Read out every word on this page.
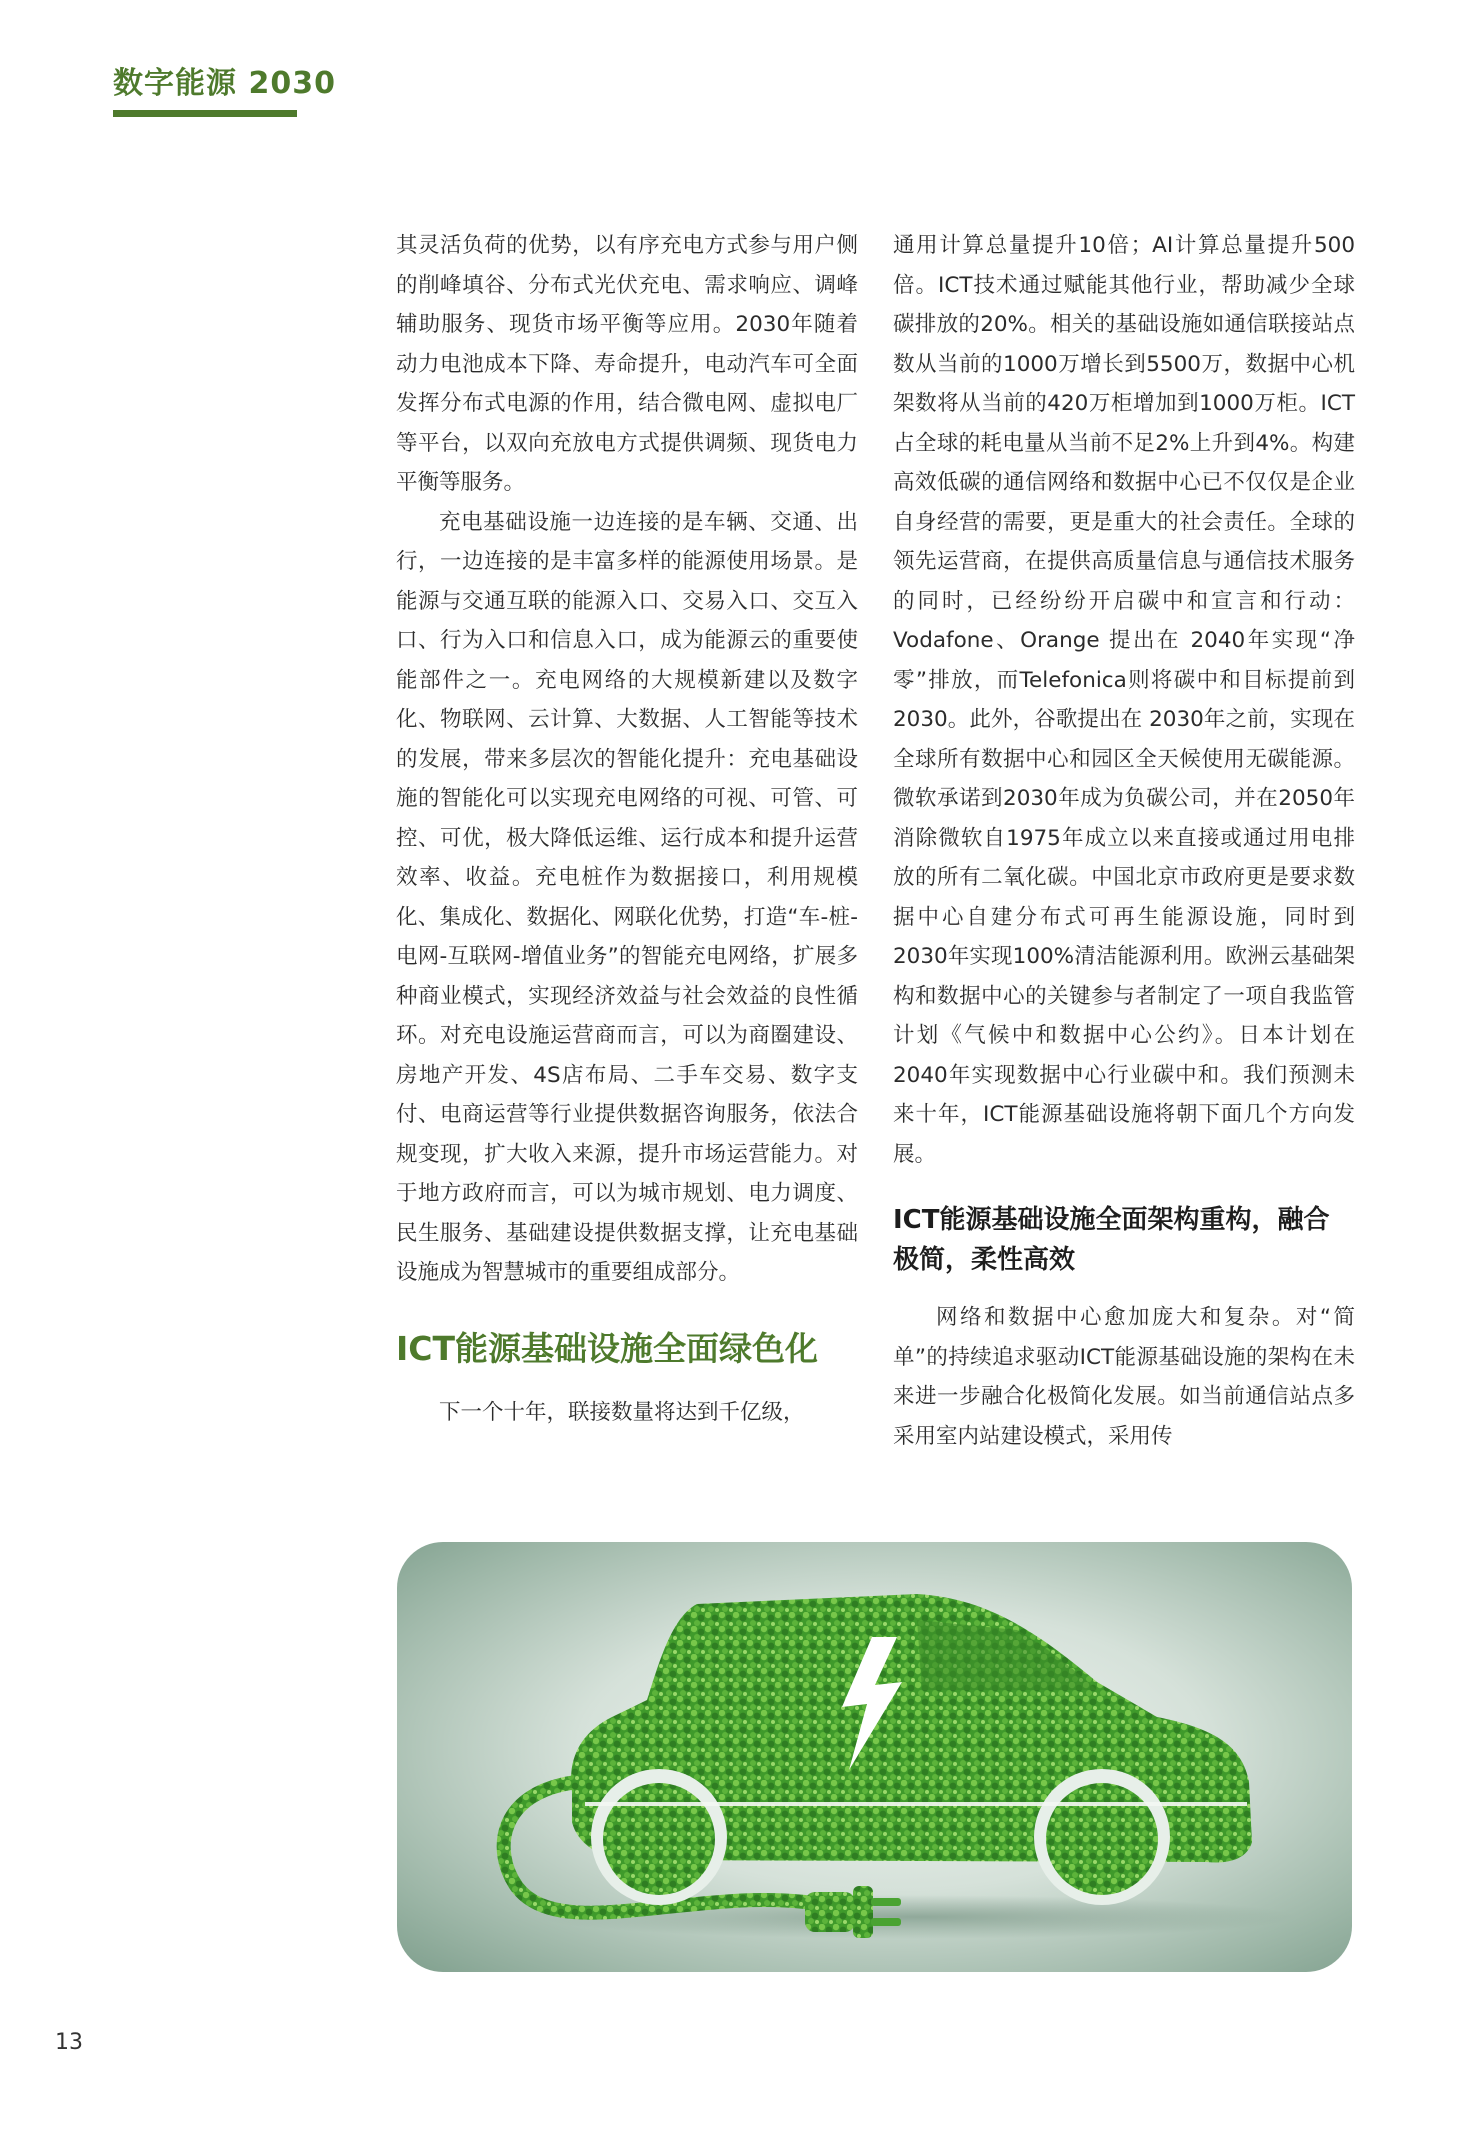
数字能源 2030

其灵活负荷的优势，以有序充电方式参与用户侧的削峰填谷、分布式光伏充电、需求响应、调峰辅助服务、现货市场平衡等应用。2030年随着动力电池成本下降、寿命提升，电动汽车可全面发挥分布式电源的作用，结合微电网、虚拟电厂等平台，以双向充放电方式提供调频、现货电力平衡等服务。

充电基础设施一边连接的是车辆、交通、出行，一边连接的是丰富多样的能源使用场景。是能源与交通互联的能源入口、交易入口、交互入口、行为入口和信息入口，成为能源云的重要使能部件之一。充电网络的大规模新建以及数字化、物联网、云计算、大数据、人工智能等技术的发展，带来多层次的智能化提升：充电基础设施的智能化可以实现充电网络的可视、可管、可控、可优，极大降低运维、运行成本和提升运营效率、收益。充电桩作为数据接口，利用规模化、集成化、数据化、网联化优势，打造“车-桩-电网-互联网-增值业务”的智能充电网络，扩展多种商业模式，实现经济效益与社会效益的良性循环。对充电设施运营商而言，可以为商圈建设、房地产开发、4S店布局、二手车交易、数字支付、电商运营等行业提供数据咨询服务，依法合规变现，扩大收入来源，提升市场运营能力。对于地方政府而言，可以为城市规划、电力调度、民生服务、基础建设提供数据支撑，让充电基础设施成为智慧城市的重要组成部分。

ICT能源基础设施全面绿色化

下一个十年，联接数量将达到千亿级，

通用计算总量提升10倍；AI计算总量提升500倍。ICT技术通过赋能其他行业，帮助减少全球碳排放的20%。相关的基础设施如通信联接站点数从当前的1000万增长到5500万，数据中心机架数将从当前的420万柜增加到1000万柜。ICT占全球的耗电量从当前不足2%上升到4%。构建高效低碳的通信网络和数据中心已不仅仅是企业自身经营的需要，更是重大的社会责任。全球的领先运营商，在提供高质量信息与通信技术服务的同时，已经纷纷开启碳中和宣言和行动：Vodafone、Orange 提出在 2040年实现“净零”排放，而Telefonica则将碳中和目标提前到2030。此外，谷歌提出在 2030年之前，实现在全球所有数据中心和园区全天候使用无碳能源。微软承诺到2030年成为负碳公司，并在2050年消除微软自1975年成立以来直接或通过用电排放的所有二氧化碳。中国北京市政府更是要求数据中心自建分布式可再生能源设施，同时到2030年实现100%清洁能源利用。欧洲云基础架构和数据中心的关键参与者制定了一项自我监管计划《气候中和数据中心公约》。日本计划在2040年实现数据中心行业碳中和。我们预测未来十年，ICT能源基础设施将朝下面几个方向发展。

ICT能源基础设施全面架构重构，融合极简，柔性高效

网络和数据中心愈加庞大和复杂。对“简单”的持续追求驱动ICT能源基础设施的架构在未来进一步融合化极简化发展。如当前通信站点多采用室内站建设模式，采用传

13
